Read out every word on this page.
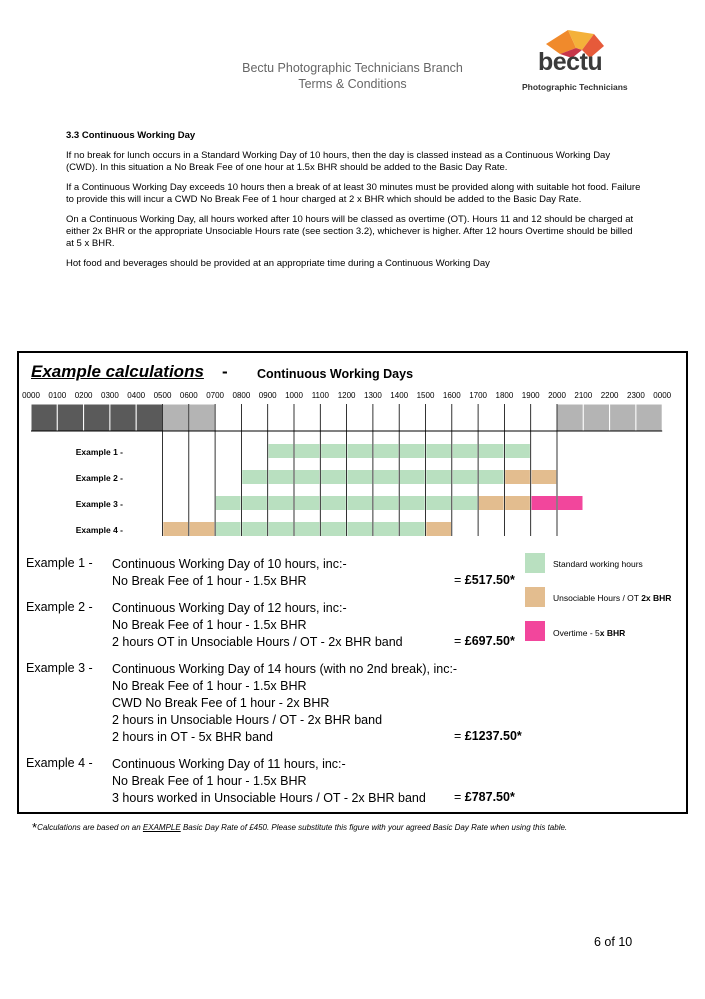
Bectu Photographic Technicians Branch
Terms & Conditions
bectu
Photographic Technicians
3.3 Continuous Working Day

If no break for lunch occurs in a Standard Working Day of 10 hours, then the day is classed instead as a Continuous Working Day (CWD). In this situation a No Break Fee of one hour at 1.5x BHR should be added to the Basic Day Rate.

If a Continuous Working Day exceeds 10 hours then a break of at least 30 minutes must be provided along with suitable hot food. Failure to provide this will incur a CWD No Break Fee of 1 hour charged at 2 x BHR which should be added to the Basic Day Rate.

On a Continuous Working Day, all hours worked after 10 hours will be classed as overtime (OT). Hours 11 and 12 should be charged at either 2x BHR or the appropriate Unsociable Hours rate (see section 3.2), whichever is higher. After 12 hours Overtime should be billed at 5 x BHR.

Hot food and beverages should be provided at an appropriate time during a Continuous Working Day

Example calculations - Continuous Working Days
0000 0100 0200 0300 0400 0500 0600 0700 0800 0900 1000 1100 1200 1300 1400 1500 1600 1700 1800 1900 2000 2100 2200 2300 0000
Example 1 -
Example 2 -
Example 3 -
Example 4 -
Standard working hours
Unsociable Hours / OT 2x BHR
Overtime - 5x BHR
Example 1 - Continuous Working Day of 10 hours, inc:-
No Break Fee of 1 hour - 1.5x BHR	= £517.50*
Example 2 - Continuous Working Day of 12 hours, inc:-
No Break Fee of 1 hour - 1.5x BHR
2 hours OT in Unsociable Hours / OT - 2x BHR band	= £697.50*
Example 3 - Continuous Working Day of 14 hours (with no 2nd break), inc:-
No Break Fee of 1 hour - 1.5x BHR
CWD No Break Fee of 1 hour - 2x BHR
2 hours in Unsociable Hours / OT - 2x BHR band
2 hours in OT - 5x BHR band	= £1237.50*
Example 4 - Continuous Working Day of 11 hours, inc:-
No Break Fee of 1 hour - 1.5x BHR
3 hours worked in Unsociable Hours / OT - 2x BHR band = £787.50*
*Calculations are based on an EXAMPLE Basic Day Rate of £450. Please substitute this figure with your agreed Basic Day Rate when using this table.
6 of 10
